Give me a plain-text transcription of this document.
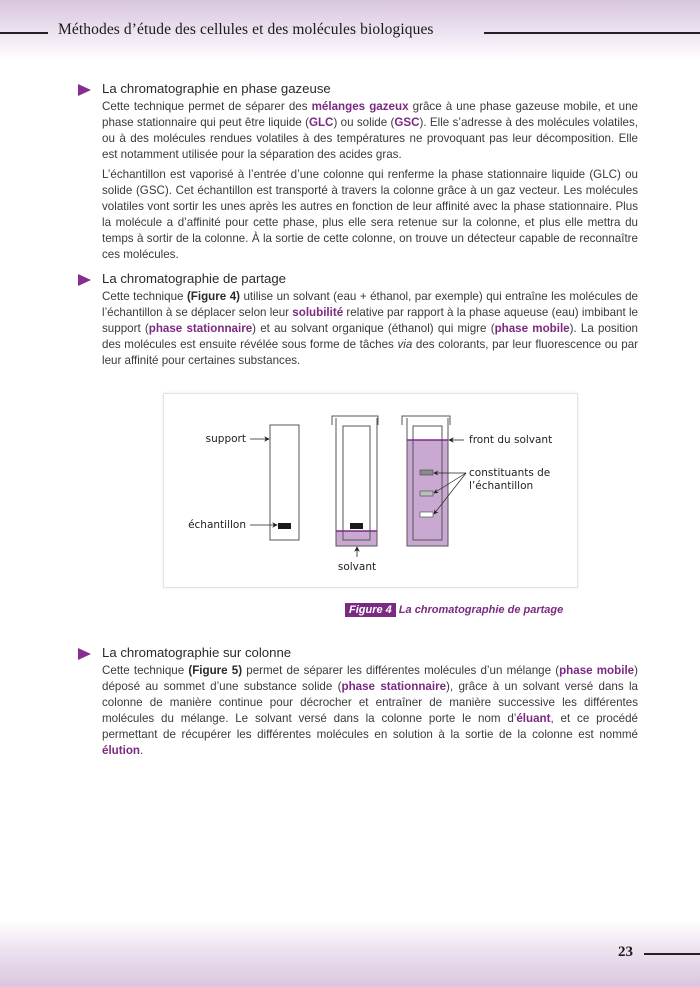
Méthodes d’étude des cellules et des molécules biologiques
La chromatographie en phase gazeuse

Cette technique permet de séparer des mélanges gazeux grâce à une phase gazeuse mobile, et une phase stationnaire qui peut être liquide (GLC) ou solide (GSC). Elle s’adresse à des molécules volatiles, ou à des molécules rendues volatiles à des températures ne provoquant pas leur décomposition. Elle est notamment utilisée pour la séparation des acides gras.

L’échantillon est vaporisé à l’entrée d’une colonne qui renferme la phase stationnaire liquide (GLC) ou solide (GSC). Cet échantillon est transporté à travers la colonne grâce à un gaz vecteur. Les molécules volatiles vont sortir les unes après les autres en fonction de leur affinité avec la phase stationnaire. Plus la molécule a d’affinité pour cette phase, plus elle sera retenue sur la colonne, et plus elle mettra du temps à sortir de la colonne. À la sortie de cette colonne, on trouve un détecteur capable de reconnaître ces molécules.

La chromatographie de partage

Cette technique (Figure 4) utilise un solvant (eau + éthanol, par exemple) qui entraîne les molécules de l’échantillon à se déplacer selon leur solubilité relative par rapport à la phase aqueuse (eau) imbibant le support (phase stationnaire) et au solvant organique (éthanol) qui migre (phase mobile). La position des molécules est ensuite révélée sous forme de tâches via des colorants, par leur fluorescence ou par leur affinité pour certaines substances.

support
échantillon
solvant
front du solvant
constituants de
l’échantillon
Figure 4 La chromatographie de partage
La chromatographie sur colonne

Cette technique (Figure 5) permet de séparer les différentes molécules d’un mélange (phase mobile) déposé au sommet d’une substance solide (phase stationnaire), grâce à un solvant versé dans la colonne de manière continue pour décrocher et entraîner de manière successive les différentes molécules du mélange. Le solvant versé dans la colonne porte le nom d’éluant, et ce procédé permettant de récupérer les différentes molécules en solution à la sortie de la colonne est nommé élution.

23
